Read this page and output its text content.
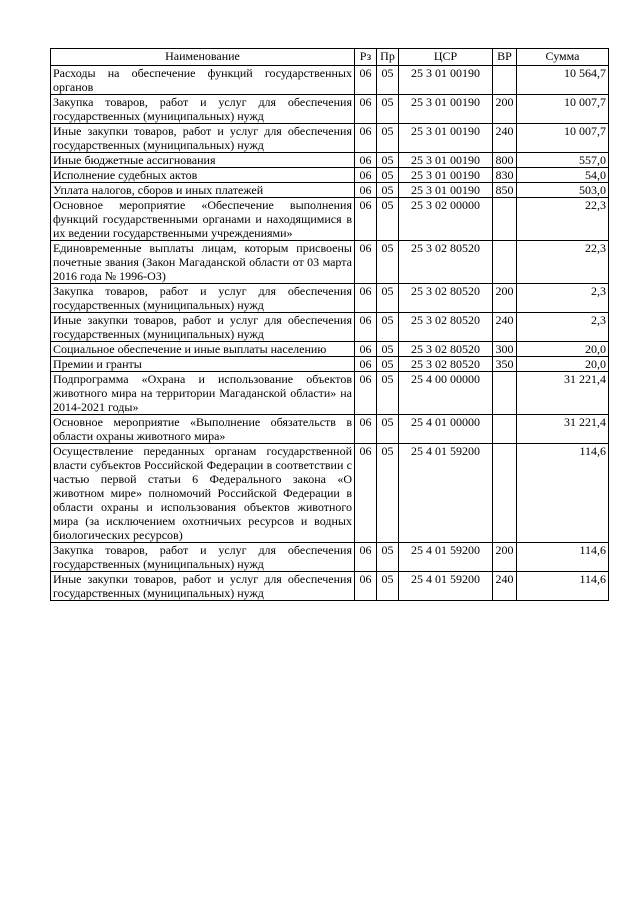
Наименование	Рз	Пр	ЦСР	ВР	Сумма
Расходы на обеспечение функций государственных органов	06	05	25 3 01 00190		10 564,7
Закупка товаров, работ и услуг для обеспечения государственных (муниципальных) нужд	06	05	25 3 01 00190	200	10 007,7
Иные закупки товаров, работ и услуг для обеспечения государственных (муниципальных) нужд	06	05	25 3 01 00190	240	10 007,7
Иные бюджетные ассигнования	06	05	25 3 01 00190	800	557,0
Исполнение судебных актов	06	05	25 3 01 00190	830	54,0
Уплата налогов, сборов и иных платежей	06	05	25 3 01 00190	850	503,0
Основное мероприятие «Обеспечение выполнения функций государственными органами и находящимися в их ведении государственными учреждениями»	06	05	25 3 02 00000		22,3
Единовременные выплаты лицам, которым присвоены почетные звания (Закон Магаданской области от 03 марта 2016 года № 1996-ОЗ)	06	05	25 3 02 80520		22,3
Закупка товаров, работ и услуг для обеспечения государственных (муниципальных) нужд	06	05	25 3 02 80520	200	2,3
Иные закупки товаров, работ и услуг для обеспечения государственных (муниципальных) нужд	06	05	25 3 02 80520	240	2,3
Социальное обеспечение и иные выплаты населению	06	05	25 3 02 80520	300	20,0
Премии и гранты	06	05	25 3 02 80520	350	20,0
Подпрограмма «Охрана и использование объектов животного мира на территории Магаданской области» на 2014-2021 годы»	06	05	25 4 00 00000		31 221,4
Основное мероприятие «Выполнение обязательств в области охраны животного мира»	06	05	25 4 01 00000		31 221,4
Осуществление переданных органам государственной власти субъектов Российской Федерации в соответствии с частью первой статьи 6 Федерального закона «О животном мире» полномочий Российской Федерации в области охраны и использования объектов животного мира (за исключением охотничьих ресурсов и водных биологических ресурсов)	06	05	25 4 01 59200		114,6
Закупка товаров, работ и услуг для обеспечения государственных (муниципальных) нужд	06	05	25 4 01 59200	200	114,6
Иные закупки товаров, работ и услуг для обеспечения государственных (муниципальных) нужд	06	05	25 4 01 59200	240	114,6
